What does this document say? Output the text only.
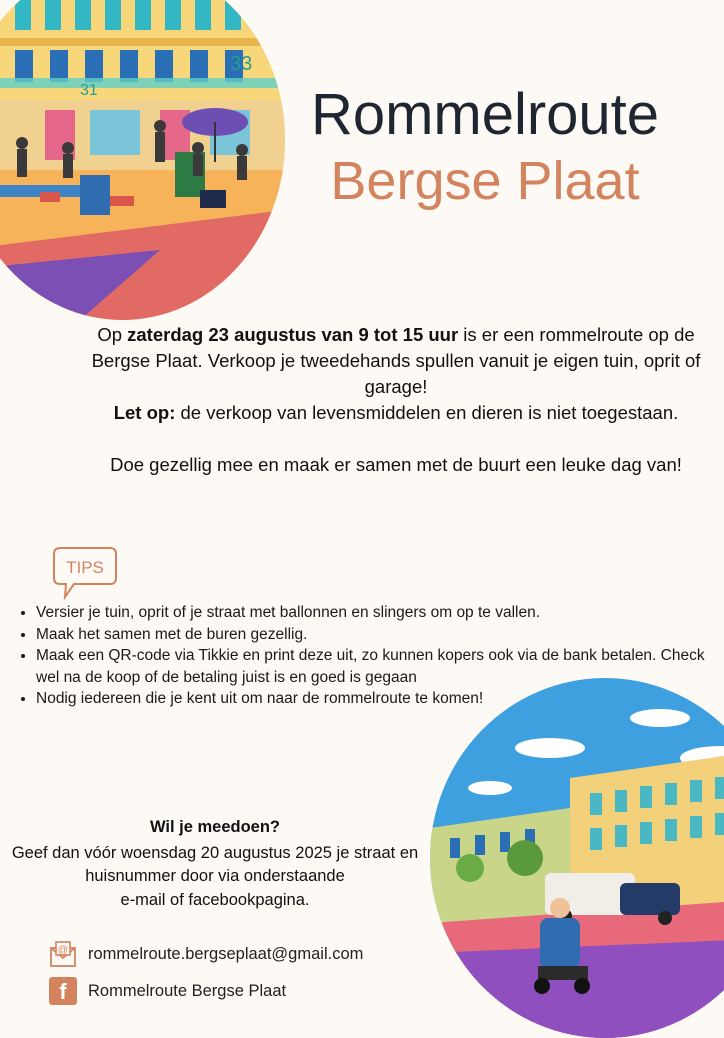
33
31	Rommelroute
Bergse Plaat

Op zaterdag 23 augustus van 9 tot 15 uur is er een rommelroute op de Bergse Plaat. Verkoop je tweedehands spullen vanuit je eigen tuin, oprit of garage!

Let op: de verkoop van levensmiddelen en dieren is niet toegestaan.

Doe gezellig mee en maak er samen met de buurt een leuke dag van!

TIPS
• Versier je tuin, oprit of je straat met ballonnen en slingers om op te vallen.
• Maak het samen met de buren gezellig.
• Maak een QR-code via Tikkie en print deze uit, zo kunnen kopers ook via de bank betalen. Check wel na de koop of de betaling juist is en goed is gegaan
• Nodig iedereen die je kent uit om naar de rommelroute te komen!

Wil je meedoen?

Geef dan vóór woensdag 20 augustus 2025 je straat en

huisnummer door via onderstaande

e-mail of facebookpagina.

@ rommelroute.bergseplaat@gmail.com
f	Rommelroute Bergse Plaat
